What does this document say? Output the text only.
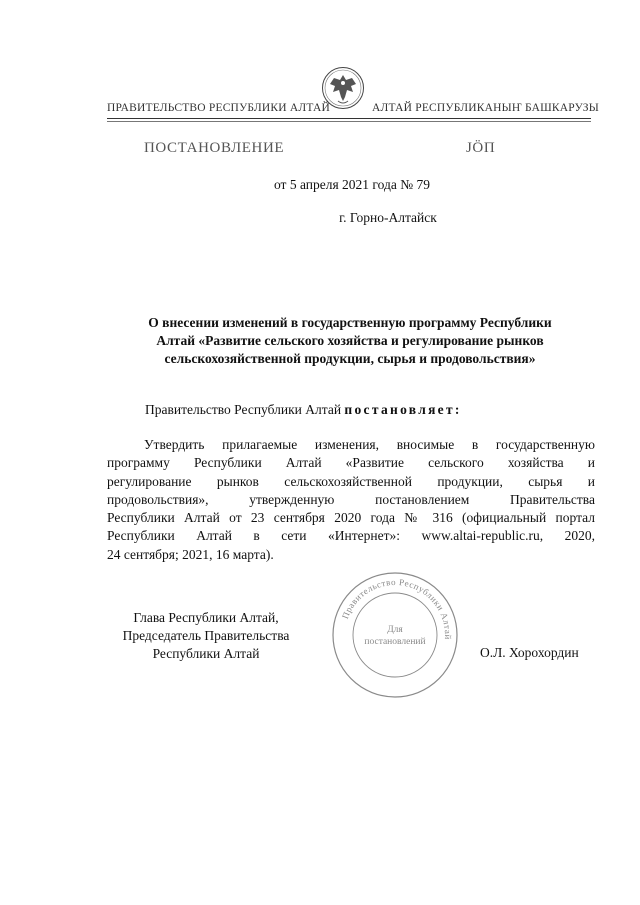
ПРАВИТЕЛЬСТВО РЕСПУБЛИКИ АЛТАЙ	АЛТАЙ РЕСПУБЛИКАНЫҤ БАШКАРУЗЫ
ПОСТАНОВЛЕНИЕ	JӦП
от 5 апреля 2021 года № 79
г. Горно-Алтайск
О внесении изменений в государственную программу Республики
Алтай «Развитие сельского хозяйства и регулирование рынков
сельскохозяйственной продукции, сырья и продовольствия»
Правительство Республики Алтай постановляет:
Утвердить прилагаемые изменения, вносимые в государственную
программу Республики Алтай «Развитие сельского хозяйства и
регулирование рынков сельскохозяйственной продукции, сырья и
продовольствия», утвержденную постановлением Правительства
Республики Алтай от 23 сентября 2020 года № 316 (официальный портал
Республики Алтай в сети «Интернет»: www.altai-republic.ru, 2020,
24 сентября; 2021, 16 марта).
Правительство Республики Алтай
Для
постановлений
Глава Республики Алтай,
Председатель Правительства
Республики Алтай	О.Л. Хорохордин
